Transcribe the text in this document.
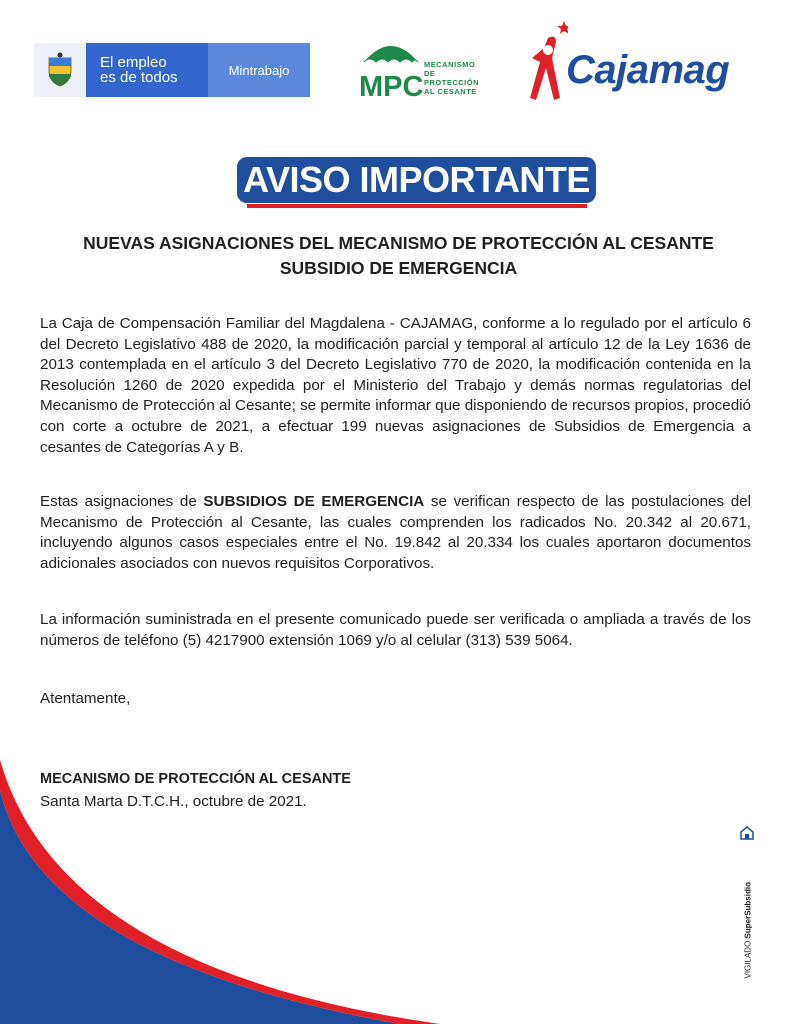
El empleo
es de todos	Mintrabajo
MPC
MECANISMO DE
PROTECCIÓN
AL CESANTE Cajamag
AVISO IMPORTANTE
NUEVAS ASIGNACIONES DEL MECANISMO DE PROTECCIÓN AL CESANTE
SUBSIDIO DE EMERGENCIA
La Caja de Compensación Familiar del Magdalena - CAJAMAG, conforme a lo regulado por el artículo 6 del Decreto Legislativo 488 de 2020, la modificación parcial y temporal al artículo 12 de la Ley 1636 de 2013 contemplada en el artículo 3 del Decreto Legislativo 770 de 2020, la modificación contenida en la Resolución 1260 de 2020 expedida por el Ministerio del Trabajo y demás normas regulatorias del Mecanismo de Protección al Cesante; se permite informar que disponiendo de recursos propios, procedió con corte a octubre de 2021, a efectuar 199 nuevas asignaciones de Subsidios de Emergencia a cesantes de Categorías A y B.
Estas asignaciones de SUBSIDIOS DE EMERGENCIA se verifican respecto de las postulaciones del Mecanismo de Protección al Cesante, las cuales comprenden los radicados No. 20.342 al 20.671, incluyendo algunos casos especiales entre el No. 19.842 al 20.334 los cuales aportaron documentos adicionales asociados con nuevos requisitos Corporativos.
La información suministrada en el presente comunicado puede ser verificada o ampliada a través de los números de teléfono (5) 4217900 extensión 1069 y/o al celular (313) 539 5064.
Atentamente,
MECANISMO DE PROTECCIÓN AL CESANTE
Santa Marta D.T.C.H., octubre de 2021.
VIGILADO SuperSubsidio
